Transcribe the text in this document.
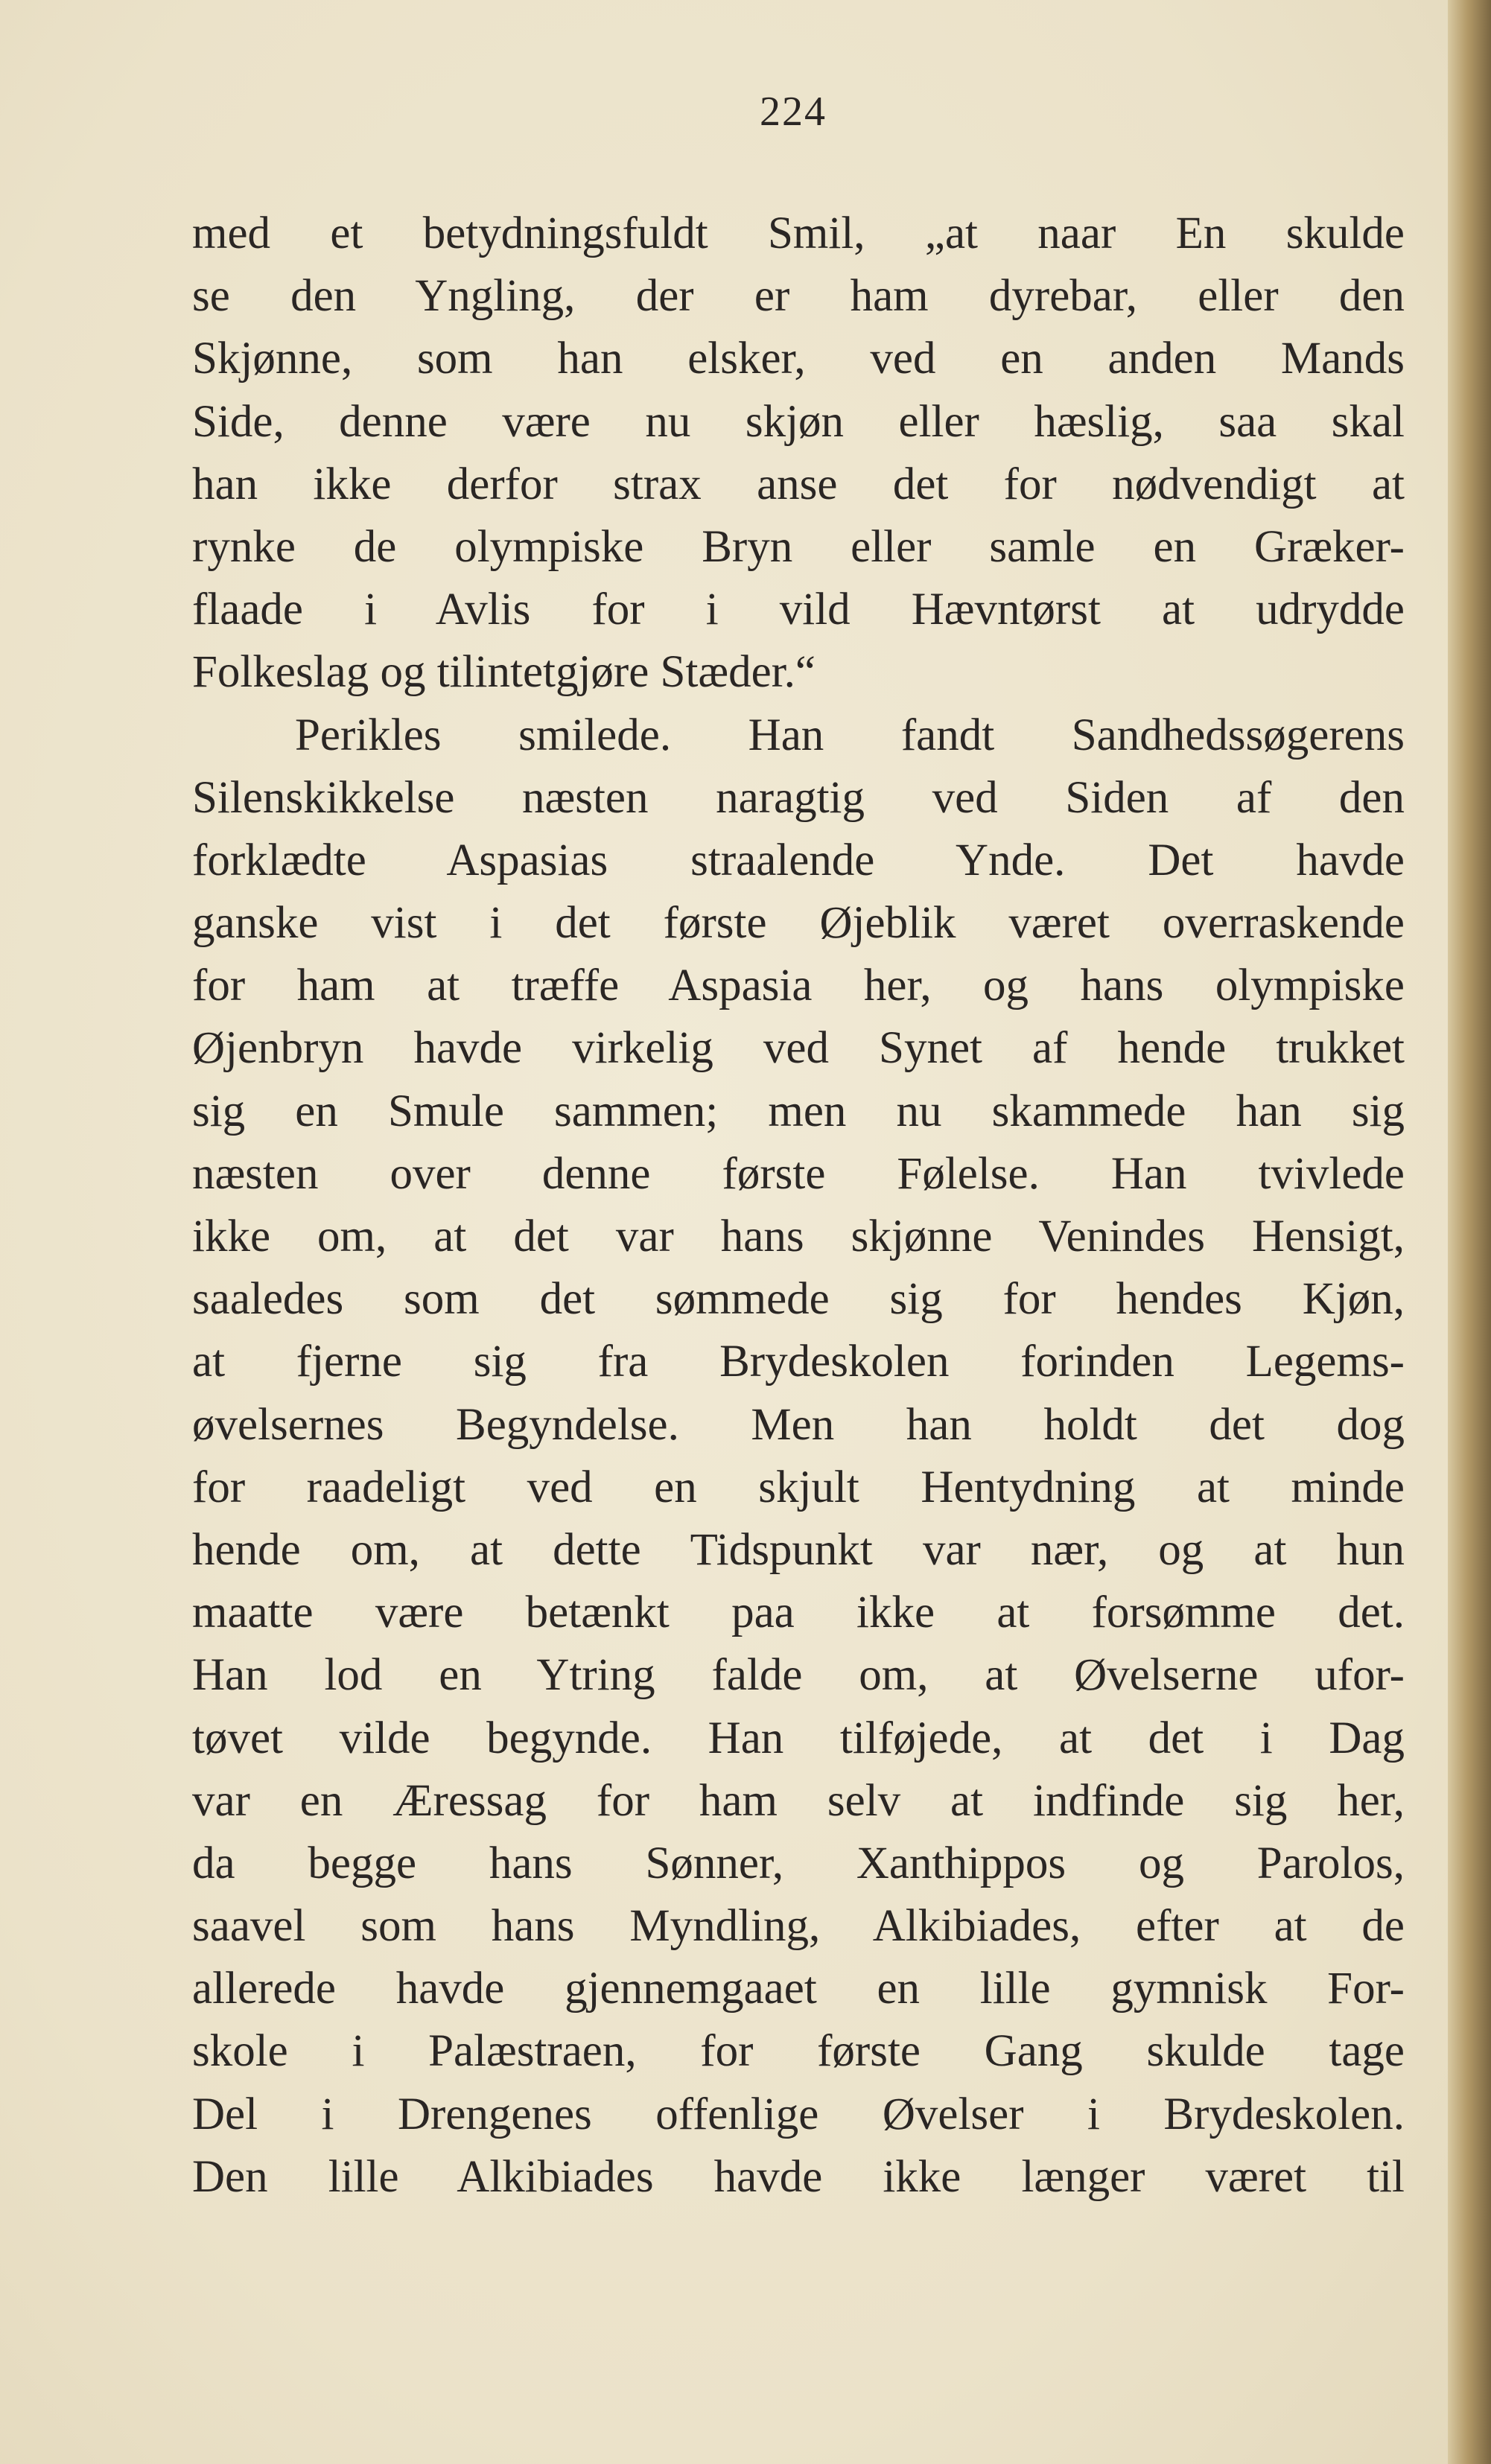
224
med et betydningsfuldt Smil, „at naar En skulde
se den Yngling, der er ham dyrebar, eller den
Skjønne, som han elsker, ved en anden Mands
Side, denne være nu skjøn eller hæslig, saa skal
han ikke derfor strax anse det for nødvendigt at
rynke de olympiske Bryn eller samle en Græker-
flaade i Avlis for i vild Hævntørst at udrydde
Folkeslag og tilintetgjøre Stæder.“
Perikles smilede. Han fandt Sandhedssøgerens
Silenskikkelse næsten naragtig ved Siden af den
forklædte Aspasias straalende Ynde. Det havde
ganske vist i det første Øjeblik været overraskende
for ham at træffe Aspasia her, og hans olympiske
Øjenbryn havde virkelig ved Synet af hende trukket
sig en Smule sammen; men nu skammede han sig
næsten over denne første Følelse. Han tvivlede
ikke om, at det var hans skjønne Venindes Hensigt,
saaledes som det sømmede sig for hendes Kjøn,
at fjerne sig fra Brydeskolen forinden Legems-
øvelsernes Begyndelse. Men han holdt det dog
for raadeligt ved en skjult Hentydning at minde
hende om, at dette Tidspunkt var nær, og at hun
maatte være betænkt paa ikke at forsømme det.
Han lod en Ytring falde om, at Øvelserne ufor-
tøvet vilde begynde. Han tilføjede, at det i Dag
var en Æressag for ham selv at indfinde sig her,
da begge hans Sønner, Xanthippos og Parolos,
saavel som hans Myndling, Alkibiades, efter at de
allerede havde gjennemgaaet en lille gymnisk For-
skole i Palæstraen, for første Gang skulde tage
Del i Drengenes offenlige Øvelser i Brydeskolen.
Den lille Alkibiades havde ikke længer været til
